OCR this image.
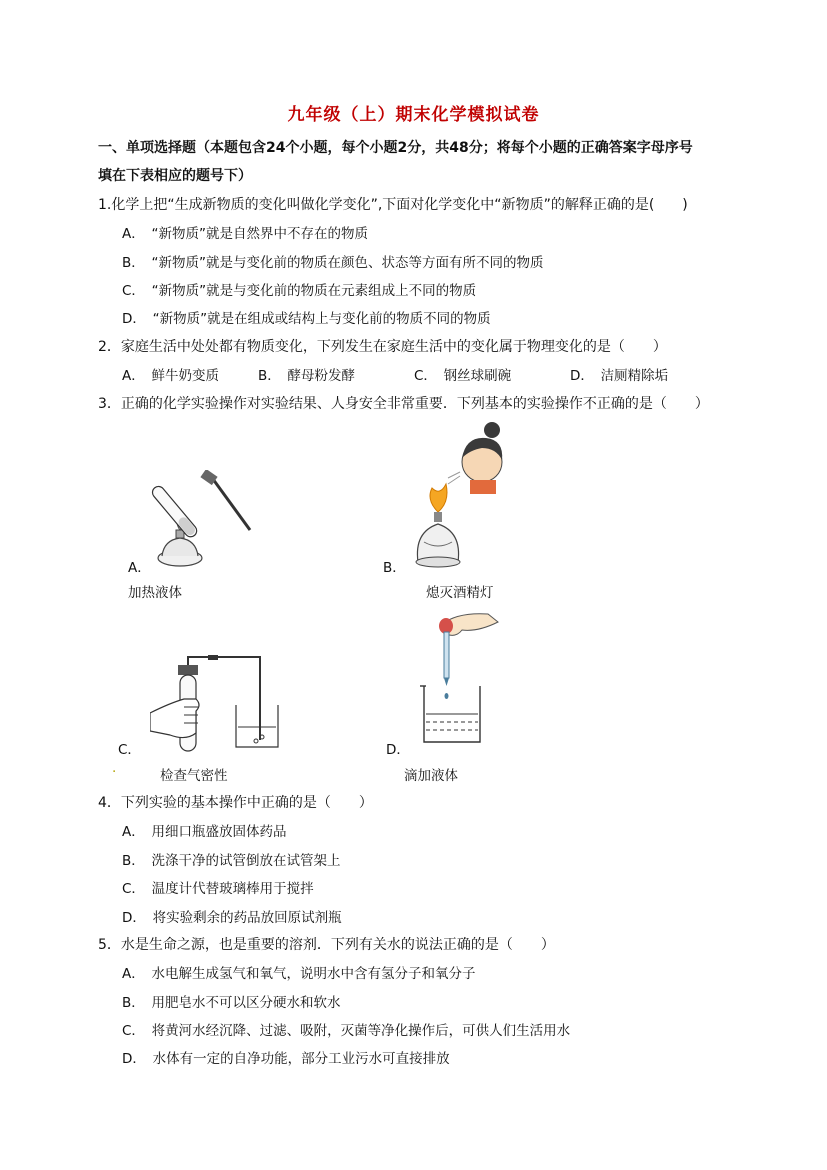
九年级（上）期末化学模拟试卷
一、单项选择题（本题包含24个小题，每个小题2分，共48分；将每个小题的正确答案字母序号
填在下表相应的题号下）
1.化学上把“生成新物质的变化叫做化学变化”,下面对化学变化中“新物质”的解释正确的是(　　)
A．　“新物质”就是自然界中不存在的物质
B．　“新物质”就是与变化前的物质在颜色、状态等方面有所不同的物质
C．　“新物质”就是与变化前的物质在元素组成上不同的物质
D．　“新物质”就是在组成或结构上与变化前的物质不同的物质
2．家庭生活中处处都有物质变化，下列发生在家庭生活中的变化属于物理变化的是（　　）
A．　鲜牛奶变质	B．　酵母粉发酵	C．　钢丝球刷碗	D．　洁厕精除垢
3．正确的化学实验操作对实验结果、人身安全非常重要．下列基本的实验操作不正确的是（　　）
A．
加热液体
B．
熄灭酒精灯
C．
.	检查气密性
D．
滴加液体
4．下列实验的基本操作中正确的是（　　）
A．　用细口瓶盛放固体药品
B．　洗涤干净的试管倒放在试管架上
C．　温度计代替玻璃棒用于搅拌
D．　将实验剩余的药品放回原试剂瓶
5．水是生命之源，也是重要的溶剂．下列有关水的说法正确的是（　　）
A．　水电解生成氢气和氧气，说明水中含有氢分子和氧分子
B．　用肥皂水不可以区分硬水和软水
C．　将黄河水经沉降、过滤、吸附，灭菌等净化操作后，可供人们生活用水
D．　水体有一定的自净功能，部分工业污水可直接排放
